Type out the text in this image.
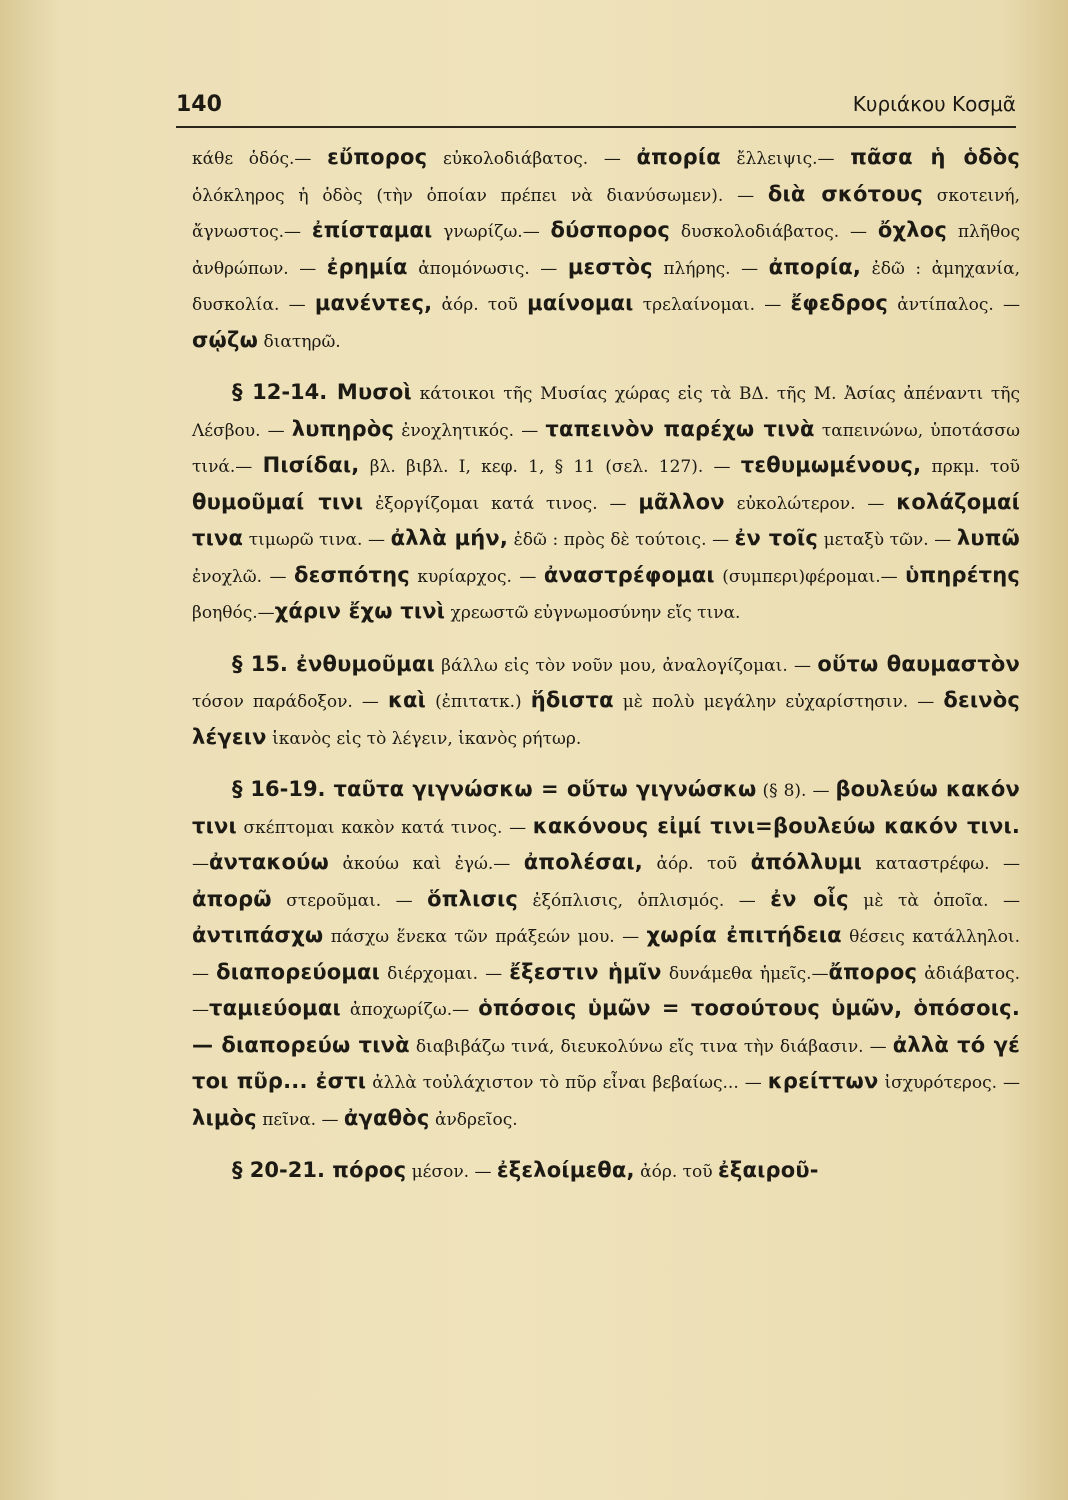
140	Κυριάκου Κοσμᾶ

κάθε ὁδός.— εὔπορος εὐκολοδιάβατος. — ἀπορία ἔλλειψις.— πᾶσα ἡ ὁδὸς ὁλόκληρος ἡ ὁδὸς (τὴν ὁποίαν πρέπει νὰ διανύσωμεν). — διὰ σκότους σκοτεινή, ἄγνωστος.— ἐπίσταμαι γνωρίζω.— δύσπορος δυσκολοδιάβατος. — ὄχλος πλῆθος ἀνθρώπων. — ἐρημία ἀπομόνωσις. — μεστὸς πλήρης. — ἀπορία, ἐδῶ : ἀμηχανία, δυσκολία. — μανέντες, ἀόρ. τοῦ μαίνομαι τρελαίνομαι. — ἔφεδρος ἀντίπαλος. — σῴζω διατηρῶ.

§ 12-14. Μυσοὶ κάτοικοι τῆς Μυσίας χώρας εἰς τὰ ΒΔ. τῆς Μ. Ἀσίας ἀπέναντι τῆς Λέσβου. — λυπηρὸς ἐνοχλητικός. — ταπεινὸν παρέχω τινὰ ταπεινώνω, ὑποτάσσω τινά.— Πισίδαι, βλ. βιβλ. I, κεφ. 1, § 11 (σελ. 127). — τεθυμωμένους, πρκμ. τοῦ θυμοῦμαί τινι ἐξοργίζομαι κατά τινος. — μᾶλλον εὐκολώτερον. — κολάζομαί τινα τιμωρῶ τινα. — ἀλλὰ μήν, ἐδῶ : πρὸς δὲ τούτοις. — ἐν τοῖς μεταξὺ τῶν. — λυπῶ ἐνοχλῶ. — δεσπότης κυρίαρχος. — ἀναστρέφομαι (συμπερι)φέρομαι.— ὑπηρέτης βοηθός.—χάριν ἔχω τινὶ χρεωστῶ εὐγνωμοσύνην εἴς τινα.

§ 15. ἐνθυμοῦμαι βάλλω εἰς τὸν νοῦν μου, ἀναλογίζομαι. — οὕτω θαυμαστὸν τόσον παράδοξον. — καὶ (ἐπιτατκ.) ἥδιστα μὲ πολὺ μεγάλην εὐχαρίστησιν. — δεινὸς λέγειν ἱκανὸς εἰς τὸ λέγειν, ἱκανὸς ρήτωρ.

§ 16-19. ταῦτα γιγνώσκω = οὕτω γιγνώσκω (§ 8). — βουλεύω κακόν τινι σκέπτομαι κακὸν κατά τινος. — κακόνους εἰμί τινι=βουλεύω κακόν τινι.—ἀντακούω ἀκούω καὶ ἐγώ.— ἀπολέσαι, ἀόρ. τοῦ ἀπόλλυμι καταστρέφω. — ἀπορῶ στεροῦμαι. — ὅπλισις ἐξόπλισις, ὁπλισμός. — ἐν οἷς μὲ τὰ ὁποῖα. — ἀντιπάσχω πάσχω ἕνεκα τῶν πράξεών μου. — χωρία ἐπιτήδεια θέσεις κατάλληλοι. — διαπορεύομαι διέρχομαι. — ἔξεστιν ἡμῖν δυνάμεθα ἡμεῖς.—ἄπορος ἀδιάβατος.—ταμιεύομαι ἀποχωρίζω.— ὁπόσοις ὑμῶν = τοσούτους ὑμῶν, ὁπόσοις. — διαπορεύω τινὰ διαβιβάζω τινά, διευκολύνω εἴς τινα τὴν διάβασιν. — ἀλλὰ τό γέ τοι πῦρ... ἐστι ἀλλὰ τοὐλάχιστον τὸ πῦρ εἶναι βεβαίως... — κρείττων ἰσχυρότερος. — λιμὸς πεῖνα. — ἀγαθὸς ἀνδρεῖος.

§ 20-21. πόρος μέσον. — ἐξελοίμεθα, ἀόρ. τοῦ ἐξαιροῦ-
